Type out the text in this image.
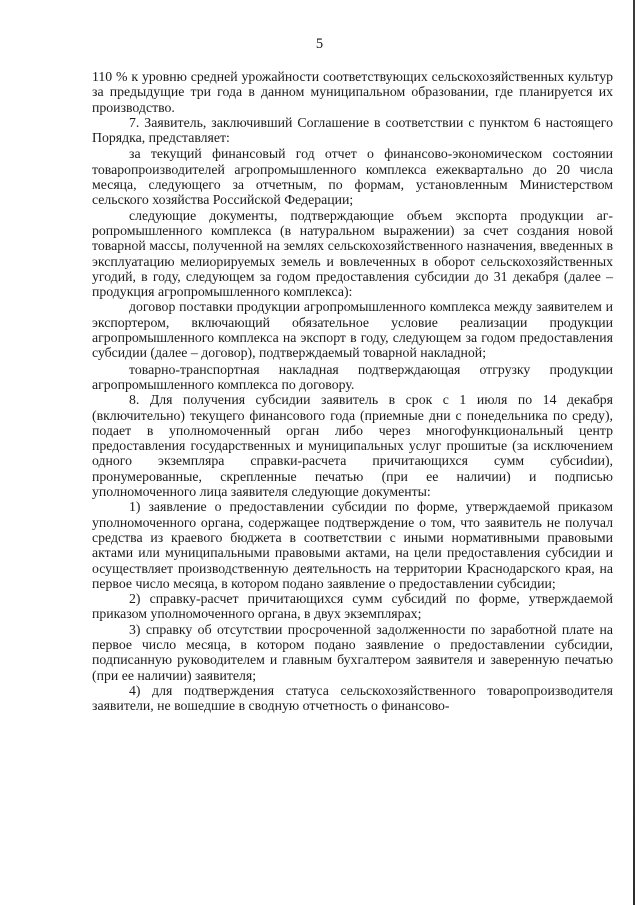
5

110 % к уровню средней урожайности соответствующих сельскохозяйственных культур за предыдущие три года в данном муниципальном образовании, где планируется их производство.

7. Заявитель, заключивший Соглашение в соответствии с пунктом 6 настоящего Порядка, представляет:

за текущий финансовый год отчет о финансово-экономическом состоянии товаропроизводителей агропромышленного комплекса ежеквартально до 20 числа месяца, следующего за отчетным, по формам, установленным Министерством сельского хозяйства Российской Федерации;

следующие документы, подтверждающие объем экспорта продукции агропромышленного комплекса (в натуральном выражении) за счет создания новой товарной массы, полученной на землях сельскохозяйственного назначения, введенных в эксплуатацию мелиорируемых земель и вовлеченных в оборот сельскохозяйственных угодий, в году, следующем за годом предоставления субсидии до 31 декабря (далее – продукция агропромышленного комплекса):

договор поставки продукции агропромышленного комплекса между заявителем и экспортером, включающий обязательное условие реализации продукции агропромышленного комплекса на экспорт в году, следующем за годом предоставления субсидии (далее – договор), подтверждаемый товарной накладной;

товарно-транспортная накладная подтверждающая отгрузку продукции агропромышленного комплекса по договору.

8. Для получения субсидии заявитель в срок с 1 июля по 14 декабря (включительно) текущего финансового года (приемные дни с понедельника по среду), подает в уполномоченный орган либо через многофункциональный центр предоставления государственных и муниципальных услуг прошитые (за исключением одного экземпляра справки-расчета причитающихся сумм субсиdии), пронумерованные, скрепленные печатью (при ее наличии) и подписью уполномоченного лица заявителя следующие документы:

1) заявление о предоставлении субсидии по форме, утверждаемой приказом уполномоченного органа, содержащее подтверждение о том, что заявитель не получал средства из краевого бюджета в соответствии с иными нормативными правовыми актами или муниципальными правовыми актами, на цели предоставления субсидии и осуществляет производственную деятельность на территории Краснодарского края, на первое число месяца, в котором подано заявление о предоставлении субсидии;

2) справку-расчет причитающихся сумм субсидий по форме, утверждаемой приказом уполномоченного органа, в двух экземплярах;

3) справку об отсутствии просроченной задолженности по заработной плате на первое число месяца, в котором подано заявление о предоставлении субсидии, подписанную руководителем и главным бухгалтером заявителя и заверенную печатью (при ее наличии) заявителя;

4) для подтверждения статуса сельскохозяйственного товаропроизводителя заявители, не вошедшие в сводную отчетность о финансово-
